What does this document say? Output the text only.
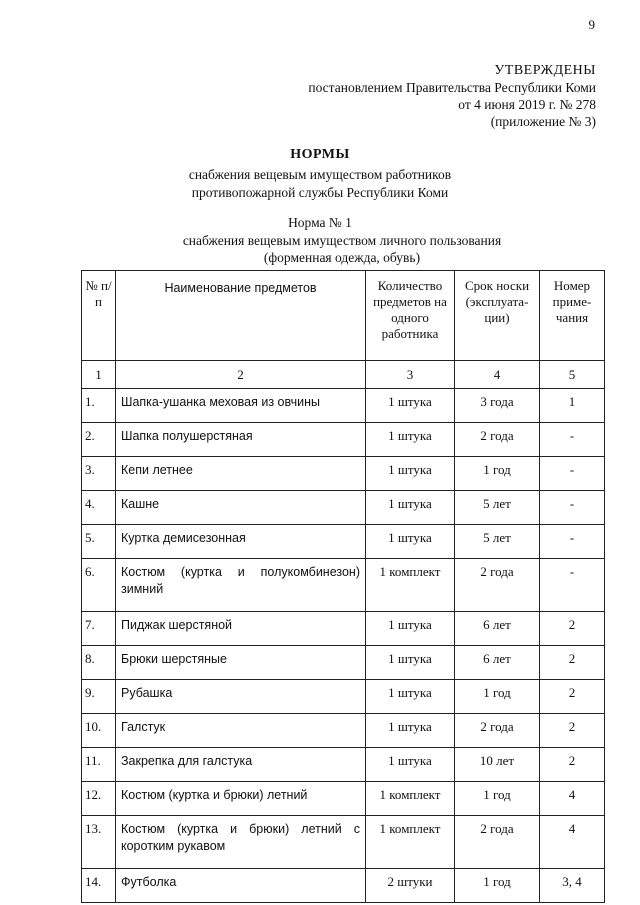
9
УТВЕРЖДЕНЫ
постановлением Правительства Республики Коми
от 4 июня 2019 г. № 278
(приложение № 3)
НОРМЫ
снабжения вещевым имуществом работников
противопожарной службы Республики Коми
Норма № 1
снабжения вещевым имуществом личного пользования
(форменная одежда, обувь)
№ п/п	Наименование предметов	Количество предметов на одного работника	Срок носки (эксплуата-ции)	Номер приме-чания
1	2	3	4	5
1.	Шапка-ушанка меховая из овчины	1 штука	3 года	1
2.	Шапка полушерстяная	1 штука	2 года	-
3.	Кепи летнее	1 штука	1 год	-
4.	Кашне	1 штука	5 лет	-
5.	Куртка демисезонная	1 штука	5 лет	-
6.	Костюм (куртка и полукомбинезон) зимний	1 комплект	2 года	-
7.	Пиджак шерстяной	1 штука	6 лет	2
8.	Брюки шерстяные	1 штука	6 лет	2
9.	Рубашка	1 штука	1 год	2
10.	Галстук	1 штука	2 года	2
11.	Закрепка для галстука	1 штука	10 лет	2
12.	Костюм (куртка и брюки) летний	1 комплект	1 год	4
13.	Костюм (куртка и брюки) летний с коротким рукавом	1 комплект	2 года	4
14.	Футболка	2 штуки	1 год	3, 4
